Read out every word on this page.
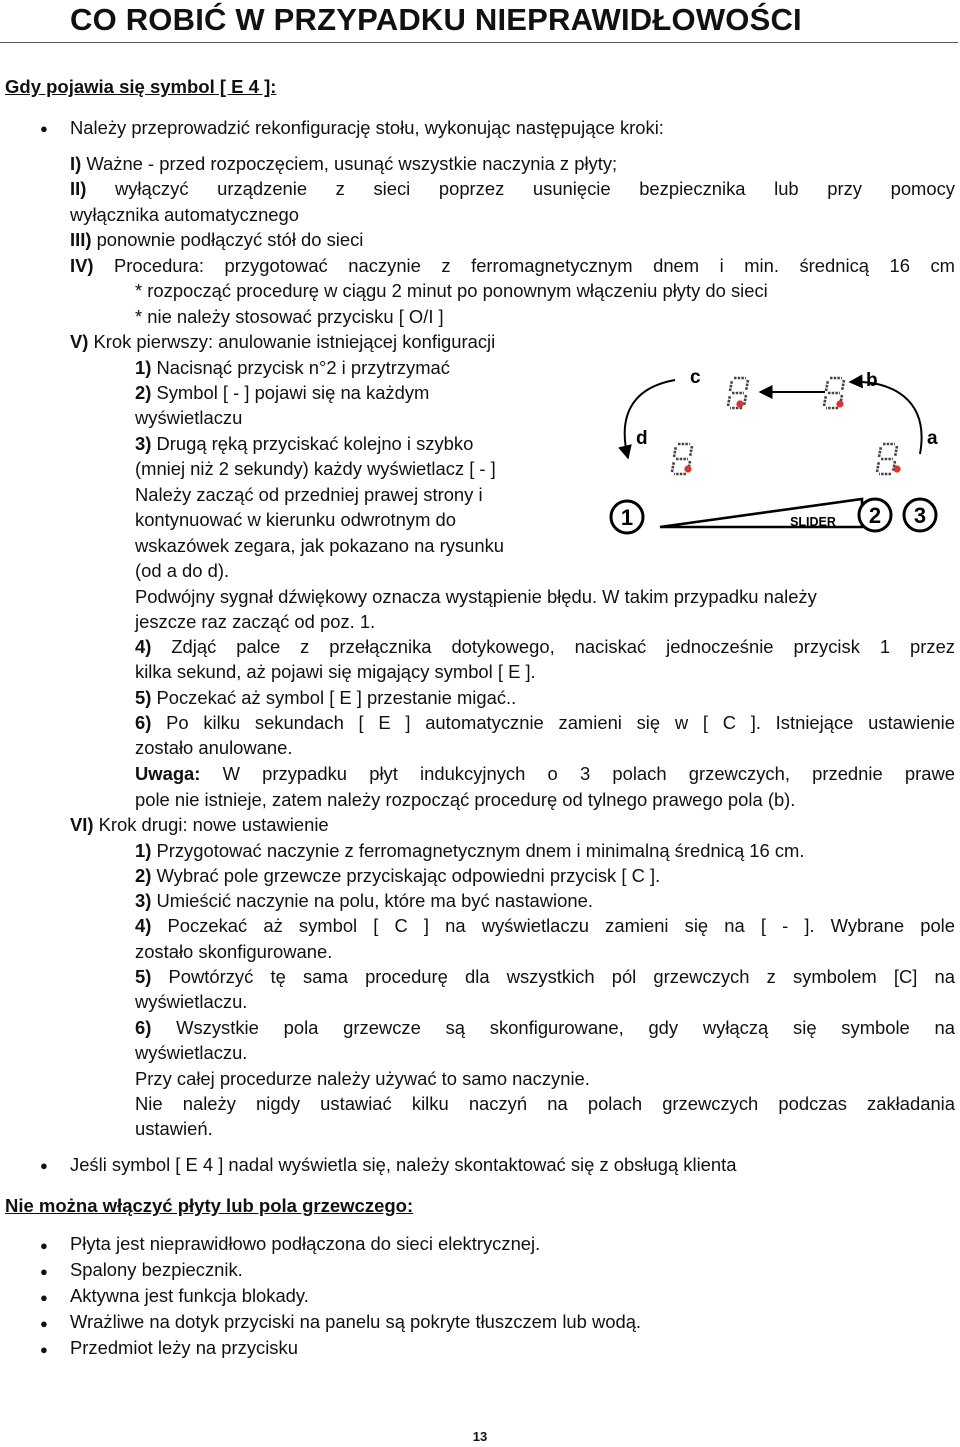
CO ROBIĆ W PRZYPADKU NIEPRAWIDŁOWOŚCI
Gdy pojawia się symbol [ E 4 ]:
● Należy przeprowadzić rekonfigurację stołu, wykonując następujące kroki:
I) Ważne - przed rozpoczęciem, usunąć wszystkie naczynia z płyty;
II) wyłączyć urządzenie z sieci poprzez usunięcie bezpiecznika lub przy pomocy
wyłącznika automatycznego
III) ponownie podłączyć stół do sieci
IV) Procedura: przygotować naczynie z ferromagnetycznym dnem i min. średnicą 16 cm
* rozpocząć procedurę w ciągu 2 minut po ponownym włączeniu płyty do sieci
* nie należy stosować przycisku [ O/I ]
V) Krok pierwszy: anulowanie istniejącej konfiguracji
1) Nacisnąć przycisk n°2 i przytrzymać
2) Symbol [ - ] pojawi się na każdym
wyświetlaczu
3) Drugą ręką przyciskać kolejno i szybko
(mniej niż 2 sekundy) każdy wyświetlacz [ - ]
Należy zacząć od przedniej prawej strony i
kontynuować w kierunku odwrotnym do
wskazówek zegara, jak pokazano na rysunku
(od a do d).
Podwójny sygnał dźwiękowy oznacza wystąpienie błędu. W takim przypadku należy
jeszcze raz zacząć od poz. 1.
4) Zdjąć palce z przełącznika dotykowego, naciskać jednocześnie przycisk 1 przez
kilka sekund, aż pojawi się migający symbol [ E ].
5) Poczekać aż symbol [ E ] przestanie migać..
6) Po kilku sekundach [ E ] automatycznie zamieni się w [ C ]. Istniejące ustawienie
zostało anulowane.
Uwaga: W przypadku płyt indukcyjnych o 3 polach grzewczych, przednie prawe
pole nie istnieje, zatem należy rozpocząć procedurę od tylnego prawego pola (b).
VI) Krok drugi: nowe ustawienie
1) Przygotować naczynie z ferromagnetycznym dnem i minimalną średnicą 16 cm.
2) Wybrać pole grzewcze przyciskając odpowiedni przycisk [ C ].
3) Umieścić naczynie na polu, które ma być nastawione.
4) Poczekać aż symbol [ C ] na wyświetlaczu zamieni się na [ - ]. Wybrane pole
zostało skonfigurowane.
5) Powtórzyć tę sama procedurę dla wszystkich pól grzewczych z symbolem [C] na
wyświetlaczu.
6) Wszystkie pola grzewcze są skonfigurowane, gdy wyłączą się symbole na
wyświetlaczu.
Przy całej procedurze należy używać to samo naczynie.
Nie należy nigdy ustawiać kilku naczyń na polach grzewczych podczas zakładania
ustawień.
● Jeśli symbol [ E 4 ] nadal wyświetla się, należy skontaktować się z obsługą klienta
c	b
d	a
1	SLIDER 2 3
Nie można włączyć płyty lub pola grzewczego:
● Płyta jest nieprawidłowo podłączona do sieci elektrycznej.
● Spalony bezpiecznik.
● Aktywna jest funkcja blokady.
● Wrażliwe na dotyk przyciski na panelu są pokryte tłuszczem lub wodą.
● Przedmiot leży na przycisku
13
